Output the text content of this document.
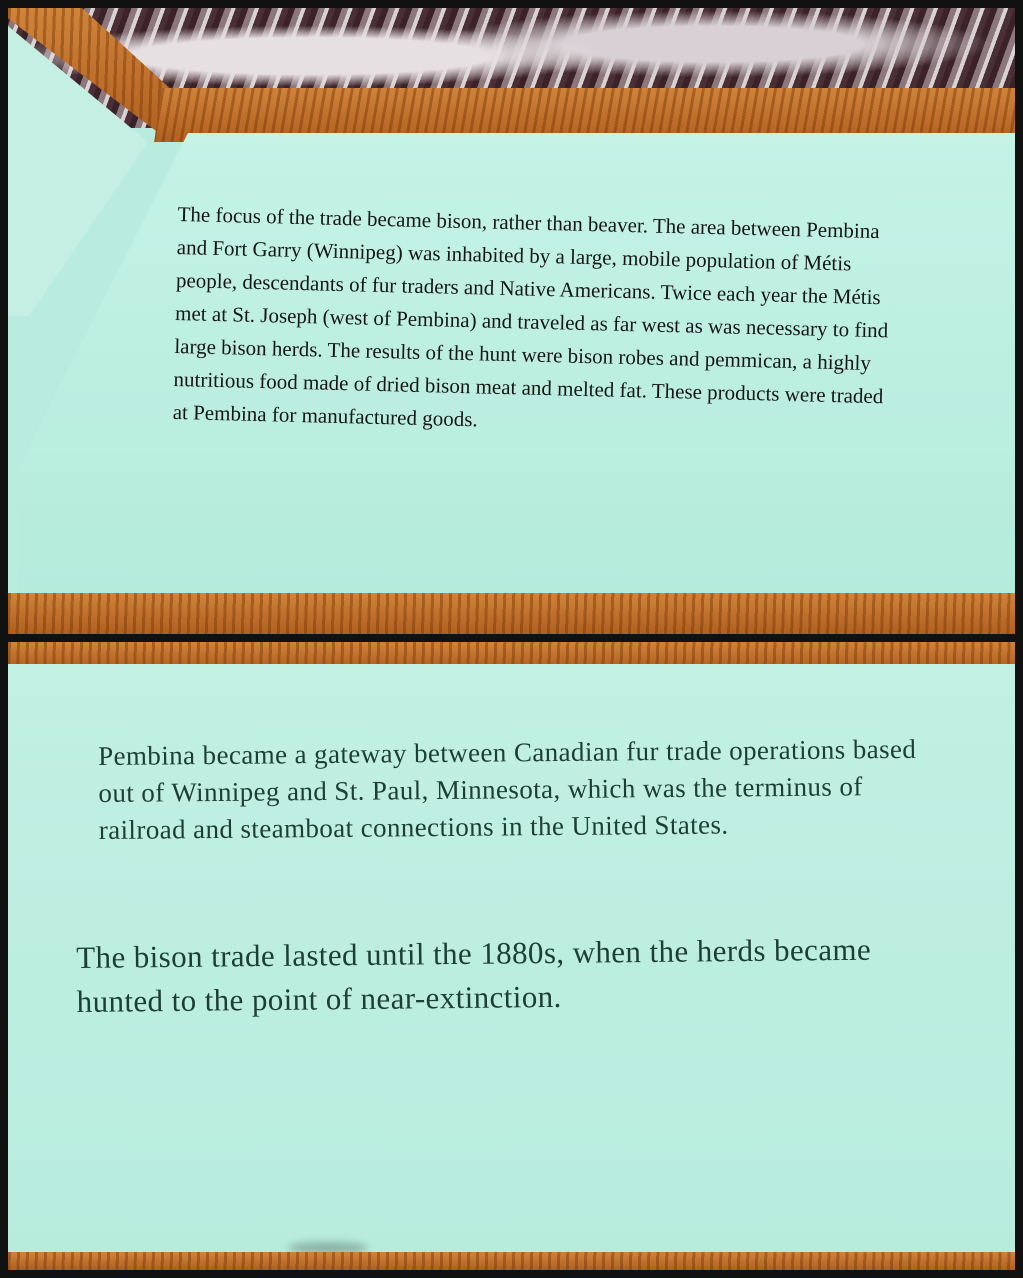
The focus of the trade became bison, rather than beaver. The area between Pembina and Fort Garry (Winnipeg) was inhabited by a large, mobile population of Métis people, descendants of fur traders and Native Americans. Twice each year the Métis met at St. Joseph (west of Pembina) and traveled as far west as was necessary to find large bison herds. The results of the hunt were bison robes and pemmican, a highly nutritious food made of dried bison meat and melted fat. These products were traded at Pembina for manufactured goods.

Pembina became a gateway between Canadian fur trade operations based out of Winnipeg and St. Paul, Minnesota, which was the terminus of railroad and steamboat connections in the United States.

The bison trade lasted until the 1880s, when the herds became hunted to the point of near-extinction.
